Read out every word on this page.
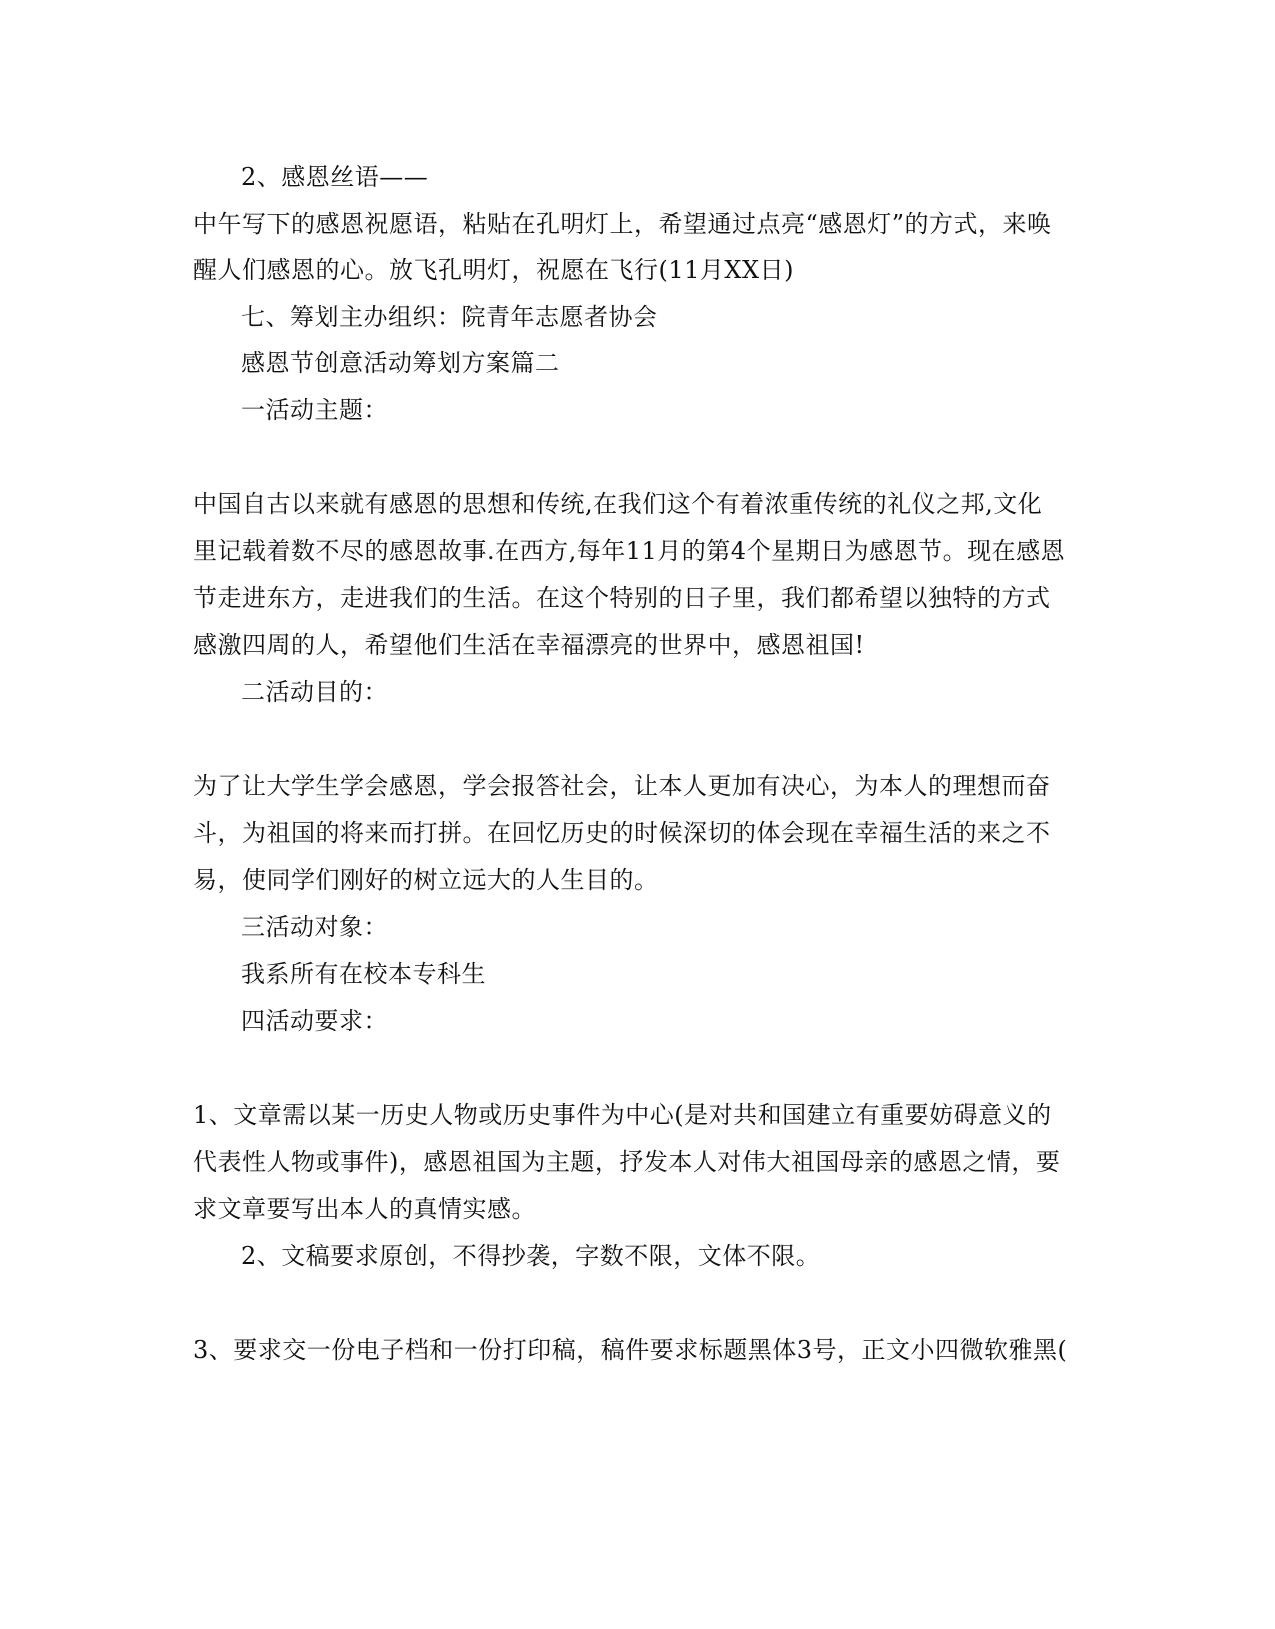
2、感恩丝语——
中午写下的感恩祝愿语，粘贴在孔明灯上，希望通过点亮“感恩灯”的方式，来唤
醒人们感恩的心。放飞孔明灯，祝愿在飞行(11月XX日)
七、筹划主办组织：院青年志愿者协会
感恩节创意活动筹划方案篇二
一活动主题：
中国自古以来就有感恩的思想和传统,在我们这个有着浓重传统的礼仪之邦,文化
里记载着数不尽的感恩故事.在西方,每年11月的第4个星期日为感恩节。现在感恩
节走进东方，走进我们的生活。在这个特别的日子里，我们都希望以独特的方式
感激四周的人，希望他们生活在幸福漂亮的世界中，感恩祖国!
二活动目的：
为了让大学生学会感恩，学会报答社会，让本人更加有决心，为本人的理想而奋
斗，为祖国的将来而打拼。在回忆历史的时候深切的体会现在幸福生活的来之不
易，使同学们刚好的树立远大的人生目的。
三活动对象：
我系所有在校本专科生
四活动要求：
1、文章需以某一历史人物或历史事件为中心(是对共和国建立有重要妨碍意义的
代表性人物或事件)，感恩祖国为主题，抒发本人对伟大祖国母亲的感恩之情，要
求文章要写出本人的真情实感。
2、文稿要求原创，不得抄袭，字数不限，文体不限。
3、要求交一份电子档和一份打印稿，稿件要求标题黑体3号，正文小四微软雅黑(
